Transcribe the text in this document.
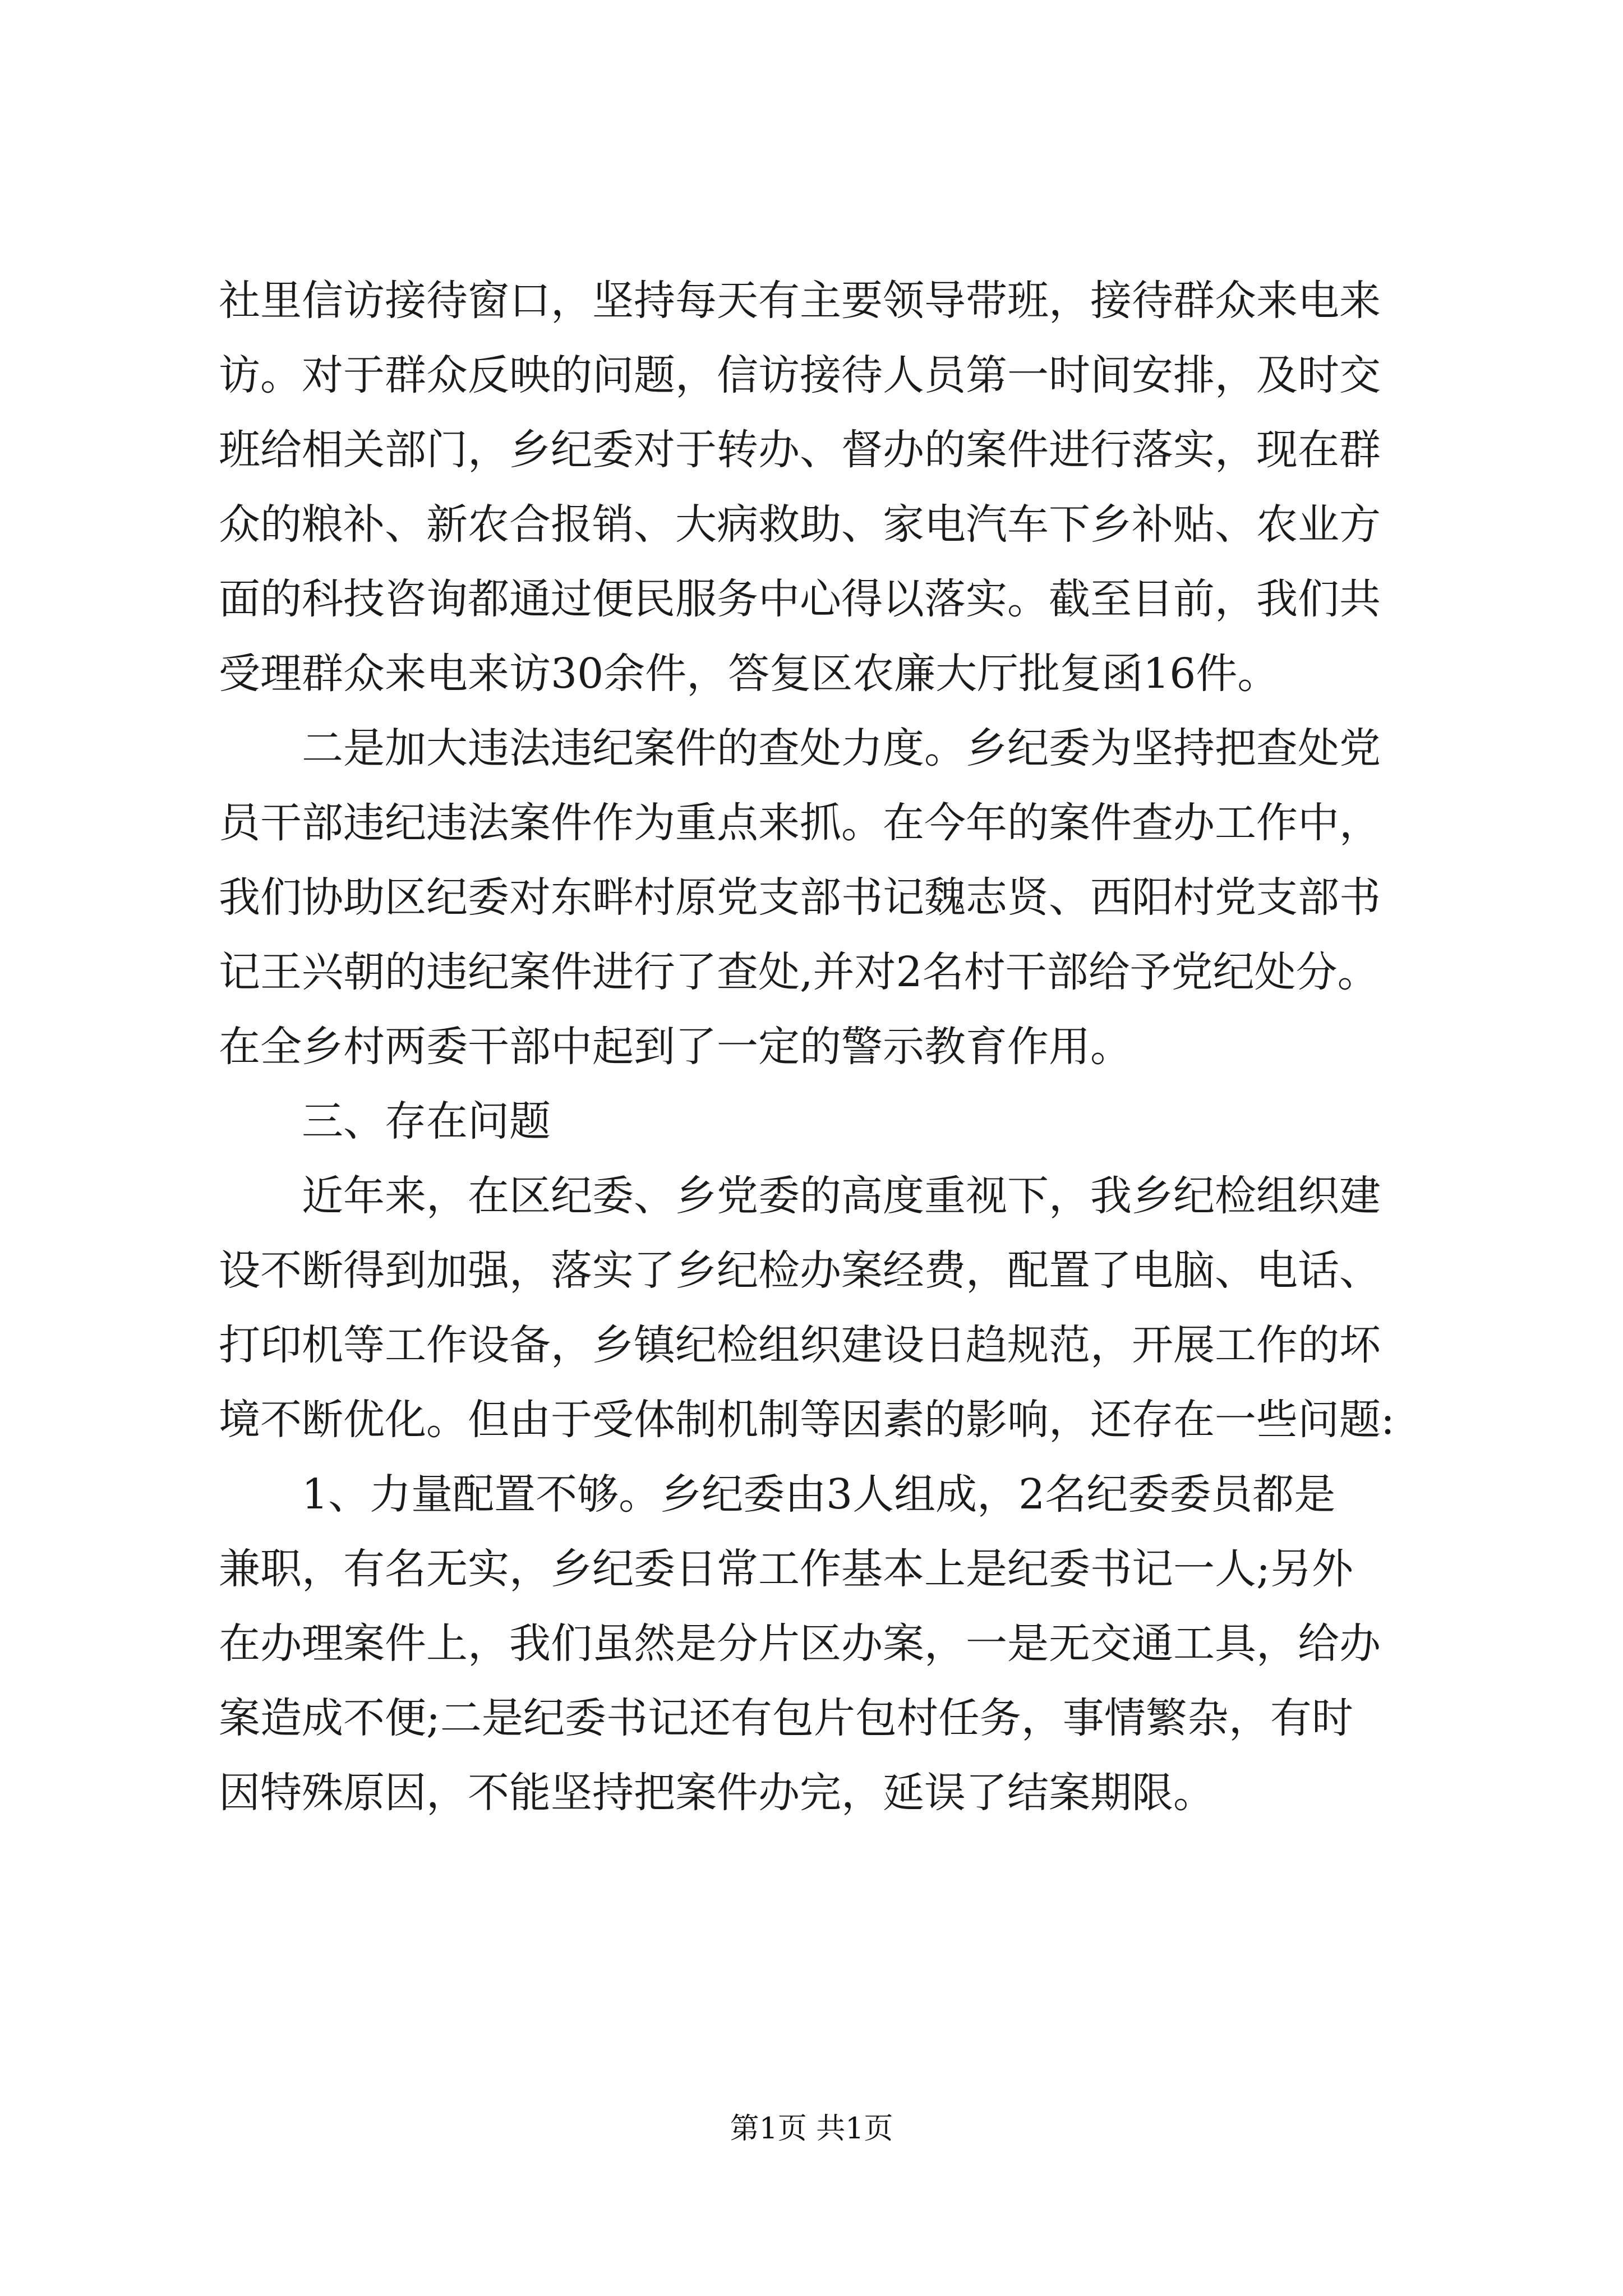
社里信访接待窗口，坚持每天有主要领导带班，接待群众来电来
访。对于群众反映的问题，信访接待人员第一时间安排，及时交
班给相关部门，乡纪委对于转办、督办的案件进行落实，现在群
众的粮补、新农合报销、大病救助、家电汽车下乡补贴、农业方
面的科技咨询都通过便民服务中心得以落实。截至目前，我们共
受理群众来电来访30余件，答复区农廉大厅批复函16件。
二是加大违法违纪案件的查处力度。乡纪委为坚持把查处党
员干部违纪违法案件作为重点来抓。在今年的案件查办工作中，
我们协助区纪委对东畔村原党支部书记魏志贤、西阳村党支部书
记王兴朝的违纪案件进行了查处,并对2名村干部给予党纪处分。
在全乡村两委干部中起到了一定的警示教育作用。
三、存在问题
近年来，在区纪委、乡党委的高度重视下，我乡纪检组织建
设不断得到加强，落实了乡纪检办案经费，配置了电脑、电话、
打印机等工作设备，乡镇纪检组织建设日趋规范，开展工作的坏
境不断优化。但由于受体制机制等因素的影响，还存在一些问题:
1、力量配置不够。乡纪委由3人组成，2名纪委委员都是
兼职，有名无实，乡纪委日常工作基本上是纪委书记一人;另外
在办理案件上，我们虽然是分片区办案，一是无交通工具，给办
案造成不便;二是纪委书记还有包片包村任务，事情繁杂，有时
因特殊原因，不能坚持把案件办完，延误了结案期限。
第1页 共1页
